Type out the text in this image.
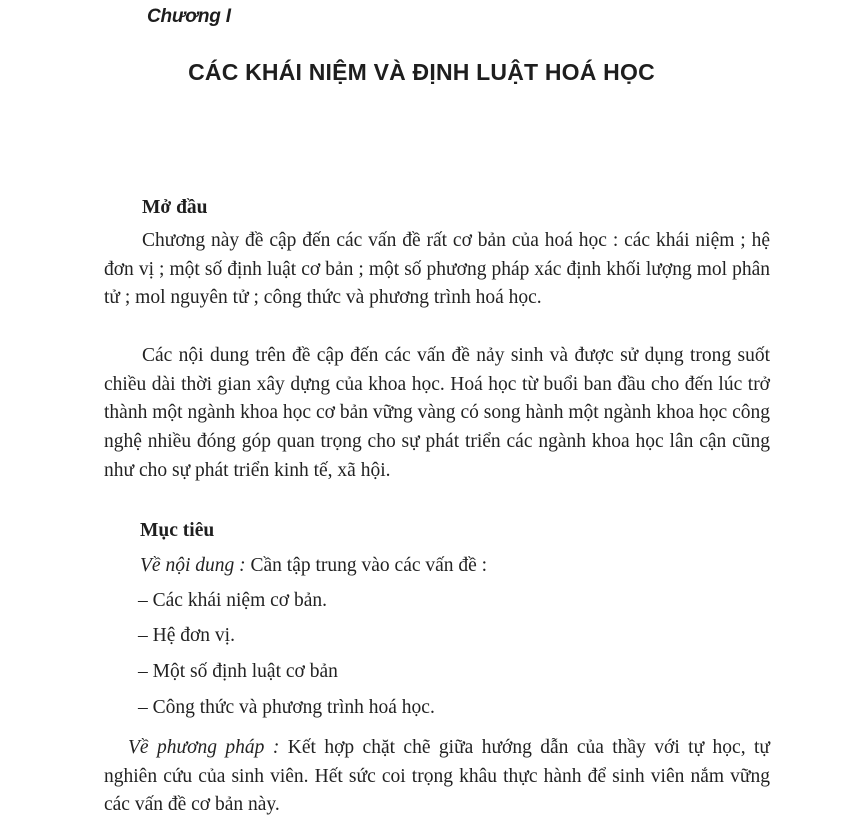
Chương I
CÁC KHÁI NIỆM VÀ ĐỊNH LUẬT HOÁ HỌC
Mở đầu

Chương này đề cập đến các vấn đề rất cơ bản của hoá học : các khái niệm ; hệ đơn vị ; một số định luật cơ bản ; một số phương pháp xác định khối lượng mol phân tử ; mol nguyên tử ; công thức và phương trình hoá học.

Các nội dung trên đề cập đến các vấn đề nảy sinh và được sử dụng trong suốt chiều dài thời gian xây dựng của khoa học. Hoá học từ buổi ban đầu cho đến lúc trở thành một ngành khoa học cơ bản vững vàng có song hành một ngành khoa học công nghệ nhiều đóng góp quan trọng cho sự phát triển các ngành khoa học lân cận cũng như cho sự phát triển kinh tế, xã hội.

Mục tiêu
Về nội dung : Cần tập trung vào các vấn đề :
– Các khái niệm cơ bản.
– Hệ đơn vị.
– Một số định luật cơ bản
– Công thức và phương trình hoá học.

Về phương pháp : Kết hợp chặt chẽ giữa hướng dẫn của thầy với tự học, tự nghiên cứu của sinh viên. Hết sức coi trọng khâu thực hành để sinh viên nắm vững các vấn đề cơ bản này.
